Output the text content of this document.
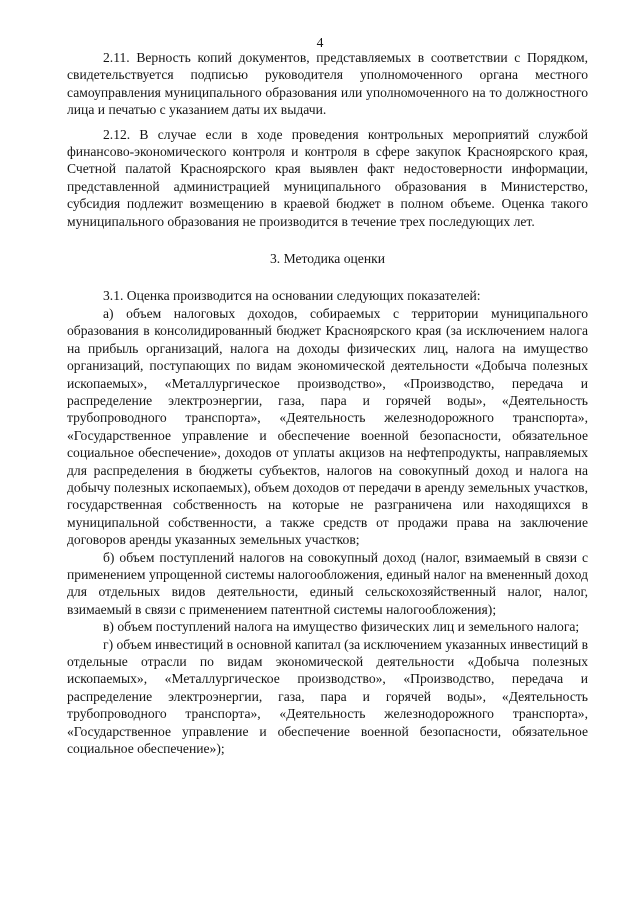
4

2.11. Верность копий документов, представляемых в соответствии с Порядком, свидетельствуется подписью руководителя уполномоченного органа местного самоуправления муниципального образования или уполномоченного на то должностного лица и печатью с указанием даты их выдачи.

2.12. В случае если в ходе проведения контрольных мероприятий службой финансово-экономического контроля и контроля в сфере закупок Красноярского края, Счетной палатой Красноярского края выявлен факт недостоверности информации, представленной администрацией муниципального образования в Министерство, субсидия подлежит возмещению в краевой бюджет в полном объеме. Оценка такого муниципального образования не производится в течение трех последующих лет.

3. Методика оценки

3.1. Оценка производится на основании следующих показателей:

а) объем налоговых доходов, собираемых с территории муниципального образования в консолидированный бюджет Красноярского края (за исключением налога на прибыль организаций, налога на доходы физических лиц, налога на имущество организаций, поступающих по видам экономической деятельности «Добыча полезных ископаемых», «Металлургическое производство», «Производство, передача и распределение электроэнергии, газа, пара и горячей воды», «Деятельность трубопроводного транспорта», «Деятельность железнодорожного транспорта», «Государственное управление и обеспечение военной безопасности, обязательное социальное обеспечение», доходов от уплаты акцизов на нефтепродукты, направляемых для распределения в бюджеты субъектов, налогов на совокупный доход и налога на добычу полезных ископаемых), объем доходов от передачи в аренду земельных участков, государственная собственность на которые не разграничена или находящихся в муниципальной собственности, а также средств от продажи права на заключение договоров аренды указанных земельных участков;

б) объем поступлений налогов на совокупный доход (налог, взимаемый в связи с применением упрощенной системы налогообложения, единый налог на вмененный доход для отдельных видов деятельности, единый сельскохозяйственный налог, налог, взимаемый в связи с применением патентной системы налогообложения);

в) объем поступлений налога на имущество физических лиц и земельного налога;

г) объем инвестиций в основной капитал (за исключением указанных инвестиций в отдельные отрасли по видам экономической деятельности «Добыча полезных ископаемых», «Металлургическое производство», «Производство, передача и распределение электроэнергии, газа, пара и горячей воды», «Деятельность трубопроводного транспорта», «Деятельность железнодорожного транспорта», «Государственное управление и обеспечение военной безопасности, обязательное социальное обеспечение»);
